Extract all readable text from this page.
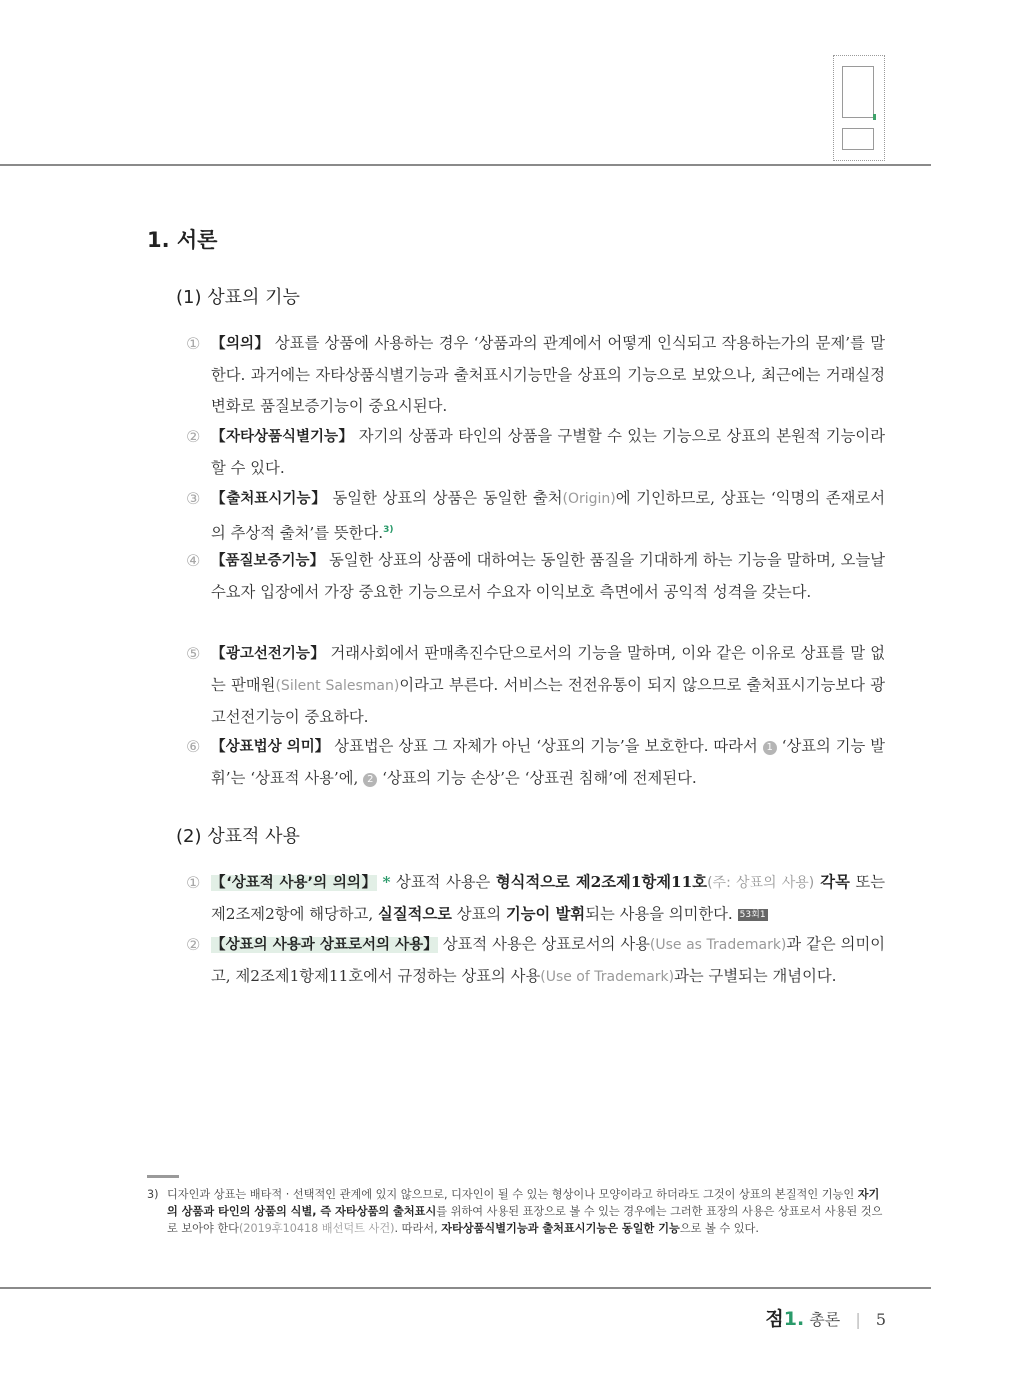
1. 서론
(1) 상표의 기능
① 【의의】 상표를 상품에 사용하는 경우 ‘상품과의 관계에서 어떻게 인식되고 작용하는가의 문제’를 말한다. 과거에는 자타상품식별기능과 출처표시기능만을 상표의 기능으로 보았으나, 최근에는 거래실정 변화로 품질보증기능이 중요시된다.
② 【자타상품식별기능】 자기의 상품과 타인의 상품을 구별할 수 있는 기능으로 상표의 본원적 기능이라 할 수 있다.
③ 【출처표시기능】 동일한 상표의 상품은 동일한 출처(Origin)에 기인하므로, 상표는 ‘익명의 존재로서의 추상적 출처’를 뜻한다.$^{3)}$
④ 【품질보증기능】 동일한 상표의 상품에 대하여는 동일한 품질을 기대하게 하는 기능을 말하며, 오늘날 수요자 입장에서 가장 중요한 기능으로서 수요자 이익보호 측면에서 공익적 성격을 갖는다.
⑤ 【광고선전기능】 거래사회에서 판매촉진수단으로서의 기능을 말하며, 이와 같은 이유로 상표를 말 없는 판매원(Silent Salesman)이라고 부른다. 서비스는 전전유통이 되지 않으므로 출처표시기능보다 광고선전기능이 중요하다.
⑥ 【상표법상 의미】 상표법은 상표 그 자체가 아닌 ‘상표의 기능’을 보호한다. 따라서 1 ‘상표의 기능 발휘’는 ‘상표적 사용’에, 2 ‘상표의 기능 손상’은 ‘상표권 침해’에 전제된다.
(2) 상표적 사용
① 【‘상표적 사용’의 의의】 * 상표적 사용은 형식적으로 제2조제1항제11호(주: 상표의 사용) 각목 또는 제2조제2항에 해당하고, 실질적으로 상표의 기능이 발휘되는 사용을 의미한다. 53회1
② 【상표의 사용과 상표로서의 사용】 상표적 사용은 상표로서의 사용(Use as Trademark)과 같은 의미이고, 제2조제1항제11호에서 규정하는 상표의 사용(Use of Trademark)과는 구별되는 개념이다.
3) 디자인과 상표는 배타적 · 선택적인 관계에 있지 않으므로, 디자인이 될 수 있는 형상이나 모양이라고 하더라도 그것이 상표의 본질적인 기능인 자기의 상품과 타인의 상품의 식별, 즉 자타상품의 출처표시를 위하여 사용된 표장으로 볼 수 있는 경우에는 그러한 표장의 사용은 상표로서 사용된 것으로 보아야 한다(2019후10418 배선덕트 사건). 따라서, 자타상품식별기능과 출처표시기능은 동일한 기능으로 볼 수 있다.
점1. 총론 | 5
